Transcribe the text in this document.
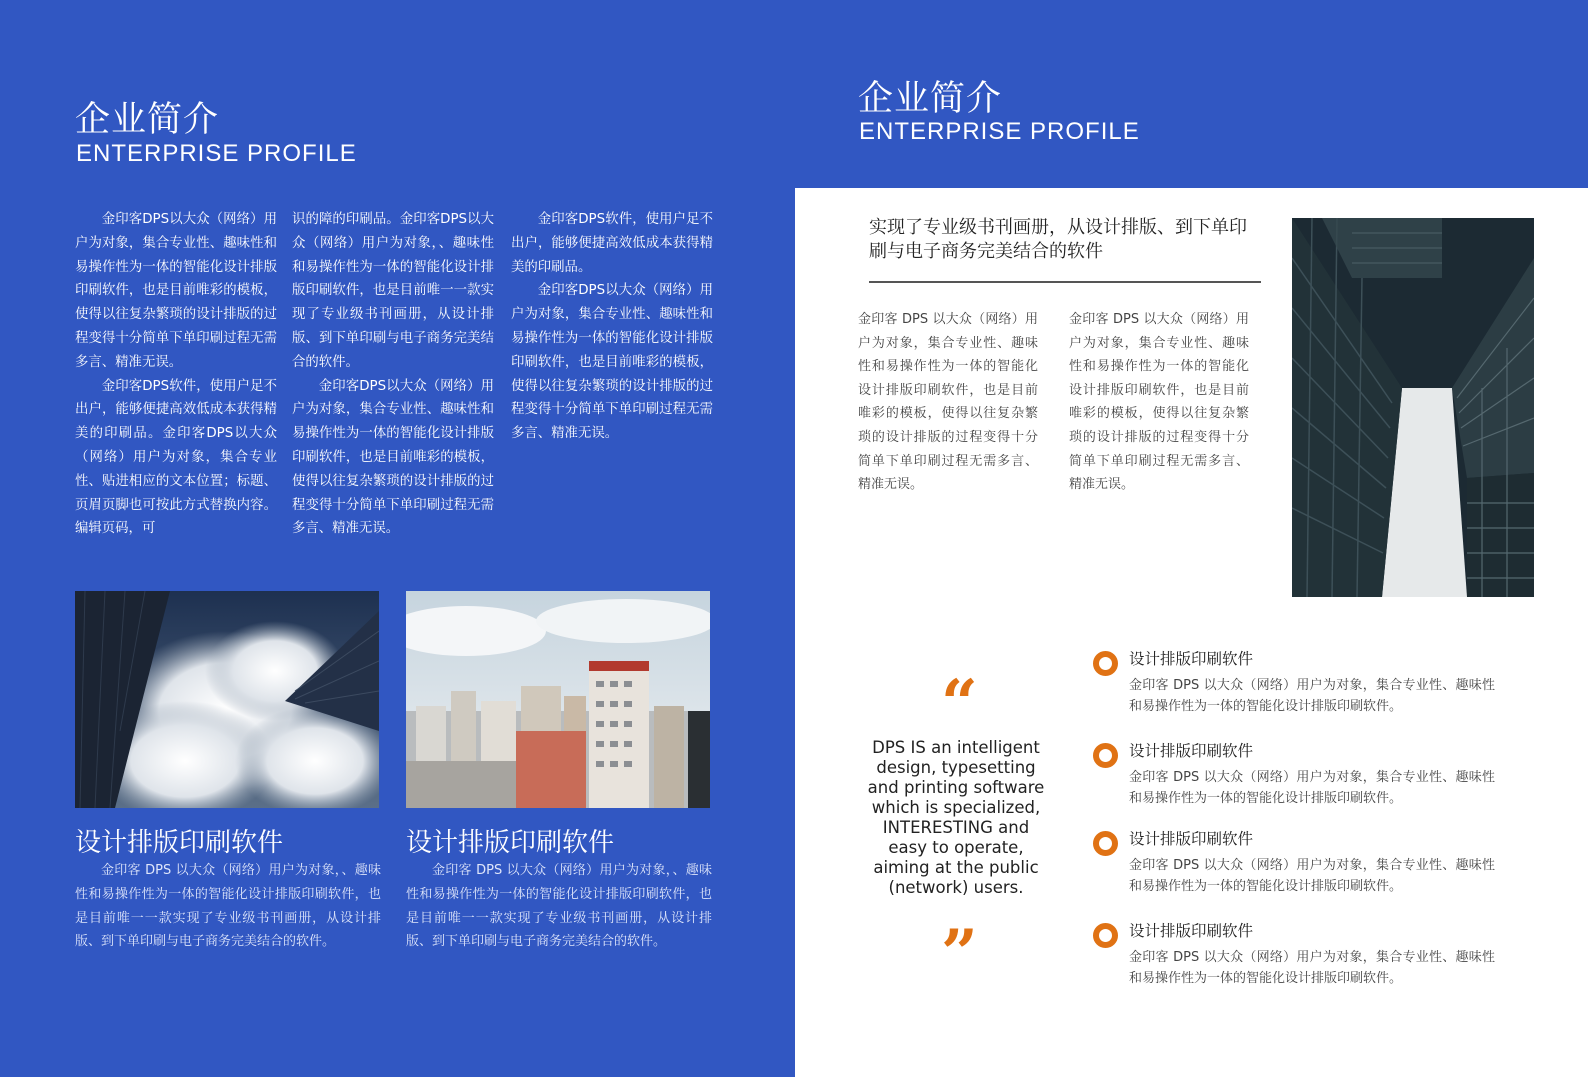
企业简介
ENTERPRISE PROFILE

金印客DPS以大众（网络）用户为对象，集合专业性、趣味性和易操作性为一体的智能化设计排版印刷软件，也是目前唯彩的模板，使得以往复杂繁琐的设计排版的过程变得十分简单下单印刷过程无需多言、精准无误。

金印客DPS软件，使用户足不出户，能够便捷高效低成本获得精美的印刷品。金印客DPS以大众（网络）用户为对象，集合专业性、贴进相应的文本位置；标题、页眉页脚也可按此方式替换内容。编辑页码，可

识的障的印刷品。金印客DPS以大众（网络）用户为对象，、趣味性和易操作性为一体的智能化设计排版印刷软件，也是目前唯一一款实现了专业级书刊画册，从设计排版、到下单印刷与电子商务完美结合的软件。

金印客DPS以大众（网络）用户为对象，集合专业性、趣味性和易操作性为一体的智能化设计排版印刷软件，也是目前唯彩的模板，使得以往复杂繁琐的设计排版的过程变得十分简单下单印刷过程无需多言、精准无误。

金印客DPS软件，使用户足不出户，能够便捷高效低成本获得精美的印刷品。

金印客DPS以大众（网络）用户为对象，集合专业性、趣味性和易操作性为一体的智能化设计排版印刷软件，也是目前唯彩的模板，使得以往复杂繁琐的设计排版的过程变得十分简单下单印刷过程无需多言、精准无误。

设计排版印刷软件
金印客 DPS 以大众（网络）用户为对象，、趣味性和易操作性为一体的智能化设计排版印刷软件，也是目前唯一一款实现了专业级书刊画册，从设计排版、到下单印刷与电子商务完美结合的软件。
设计排版印刷软件
金印客 DPS 以大众（网络）用户为对象，、趣味性和易操作性为一体的智能化设计排版印刷软件，也是目前唯一一款实现了专业级书刊画册，从设计排版、到下单印刷与电子商务完美结合的软件。
企业简介
ENTERPRISE PROFILE
实现了专业级书刊画册，从设计排版、到下单印刷与电子商务完美结合的软件
金印客 DPS 以大众（网络）用户为对象，集合专业性、趣味性和易操作性为一体的智能化设计排版印刷软件，也是目前唯彩的模板，使得以往复杂繁琐的设计排版的过程变得十分简单下单印刷过程无需多言、精准无误。
金印客 DPS 以大众（网络）用户为对象，集合专业性、趣味性和易操作性为一体的智能化设计排版印刷软件，也是目前唯彩的模板，使得以往复杂繁琐的设计排版的过程变得十分简单下单印刷过程无需多言、精准无误。
“
DPS IS an intelligent design, typesetting and printing software which is specialized, INTERESTING and easy to operate, aiming at the public (network) users.
”
设计排版印刷软件
金印客 DPS 以大众（网络）用户为对象，集合专业性、趣味性和易操作性为一体的智能化设计排版印刷软件。
设计排版印刷软件
金印客 DPS 以大众（网络）用户为对象，集合专业性、趣味性和易操作性为一体的智能化设计排版印刷软件。
设计排版印刷软件
金印客 DPS 以大众（网络）用户为对象，集合专业性、趣味性和易操作性为一体的智能化设计排版印刷软件。
设计排版印刷软件
金印客 DPS 以大众（网络）用户为对象，集合专业性、趣味性和易操作性为一体的智能化设计排版印刷软件。
